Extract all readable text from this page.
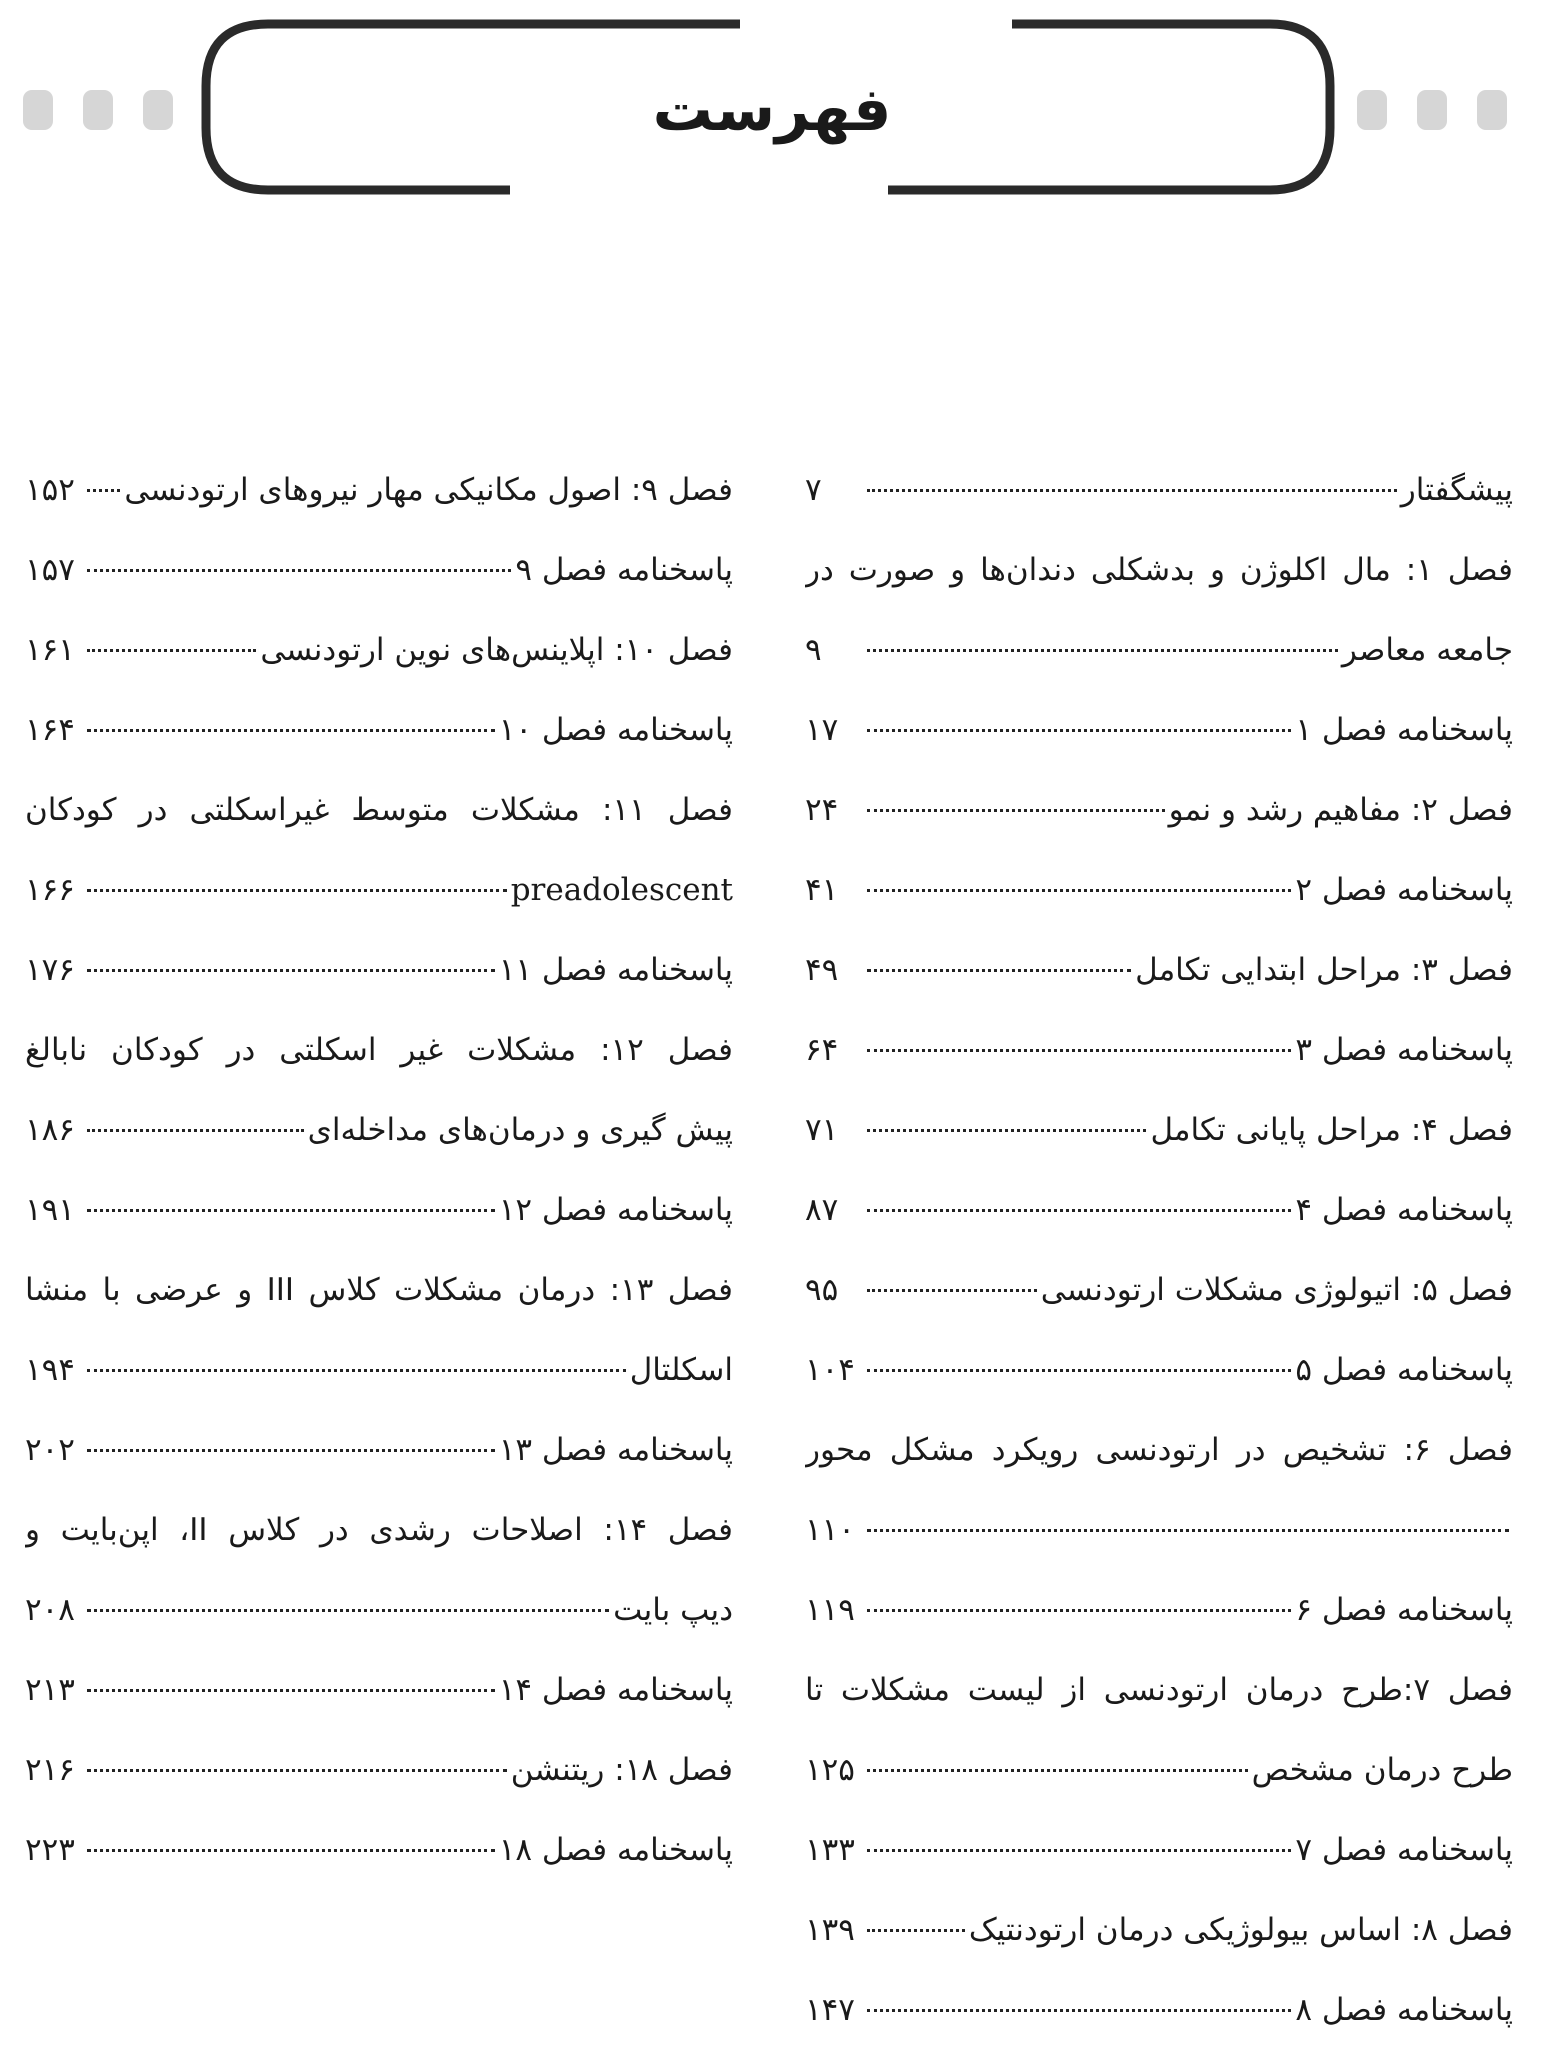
فهرست
پیشگفتار
۷
فصل ۱: مال اکلوژن و بدشکلی دندان‌ها و صورت در
جامعه معاصر
۹
پاسخنامه فصل ۱
۱۷
فصل ۲: مفاهیم رشد و نمو
۲۴
پاسخنامه فصل ۲
۴۱
فصل ۳: مراحل ابتدایی تکامل
۴۹
پاسخنامه فصل ۳
۶۴
فصل ۴: مراحل پایانی تکامل
۷۱
پاسخنامه فصل ۴
۸۷
فصل ۵: اتیولوژی مشکلات ارتودنسی
۹۵
پاسخنامه فصل ۵
۱۰۴
فصل ۶: تشخیص در ارتودنسی رویکرد مشکل محور
۱۱۰
پاسخنامه فصل ۶
۱۱۹
فصل ۷:طرح درمان ارتودنسی از لیست مشکلات تا
طرح درمان مشخص
۱۲۵
پاسخنامه فصل ۷
۱۳۳
فصل ۸: اساس بیولوژیکی درمان ارتودنتیک
۱۳۹
پاسخنامه فصل ۸
۱۴۷
فصل ۹: اصول مکانیکی مهار نیروهای ارتودنسی
۱۵۲
پاسخنامه فصل ۹
۱۵۷
فصل ۱۰: اپلاینس‌های نوین ارتودنسی
۱۶۱
پاسخنامه فصل ۱۰
۱۶۴
فصل ۱۱: مشکلات متوسط غیراسکلتی در کودکان
preadolescent
۱۶۶
پاسخنامه فصل ۱۱
۱۷۶
فصل ۱۲: مشکلات غیر اسکلتی در کودکان نابالغ
پیش گیری و درمان‌های مداخله‌ای
۱۸۶
پاسخنامه فصل ۱۲
۱۹۱
فصل ۱۳: درمان مشکلات کلاس III و عرضی با منشا
اسکلتال
۱۹۴
پاسخنامه فصل ۱۳
۲۰۲
فصل ۱۴: اصلاحات رشدی در کلاس II، اپن‌بایت و
دیپ بایت
۲۰۸
پاسخنامه فصل ۱۴
۲۱۳
فصل ۱۸: ریتنشن
۲۱۶
پاسخنامه فصل ۱۸
۲۲۳
